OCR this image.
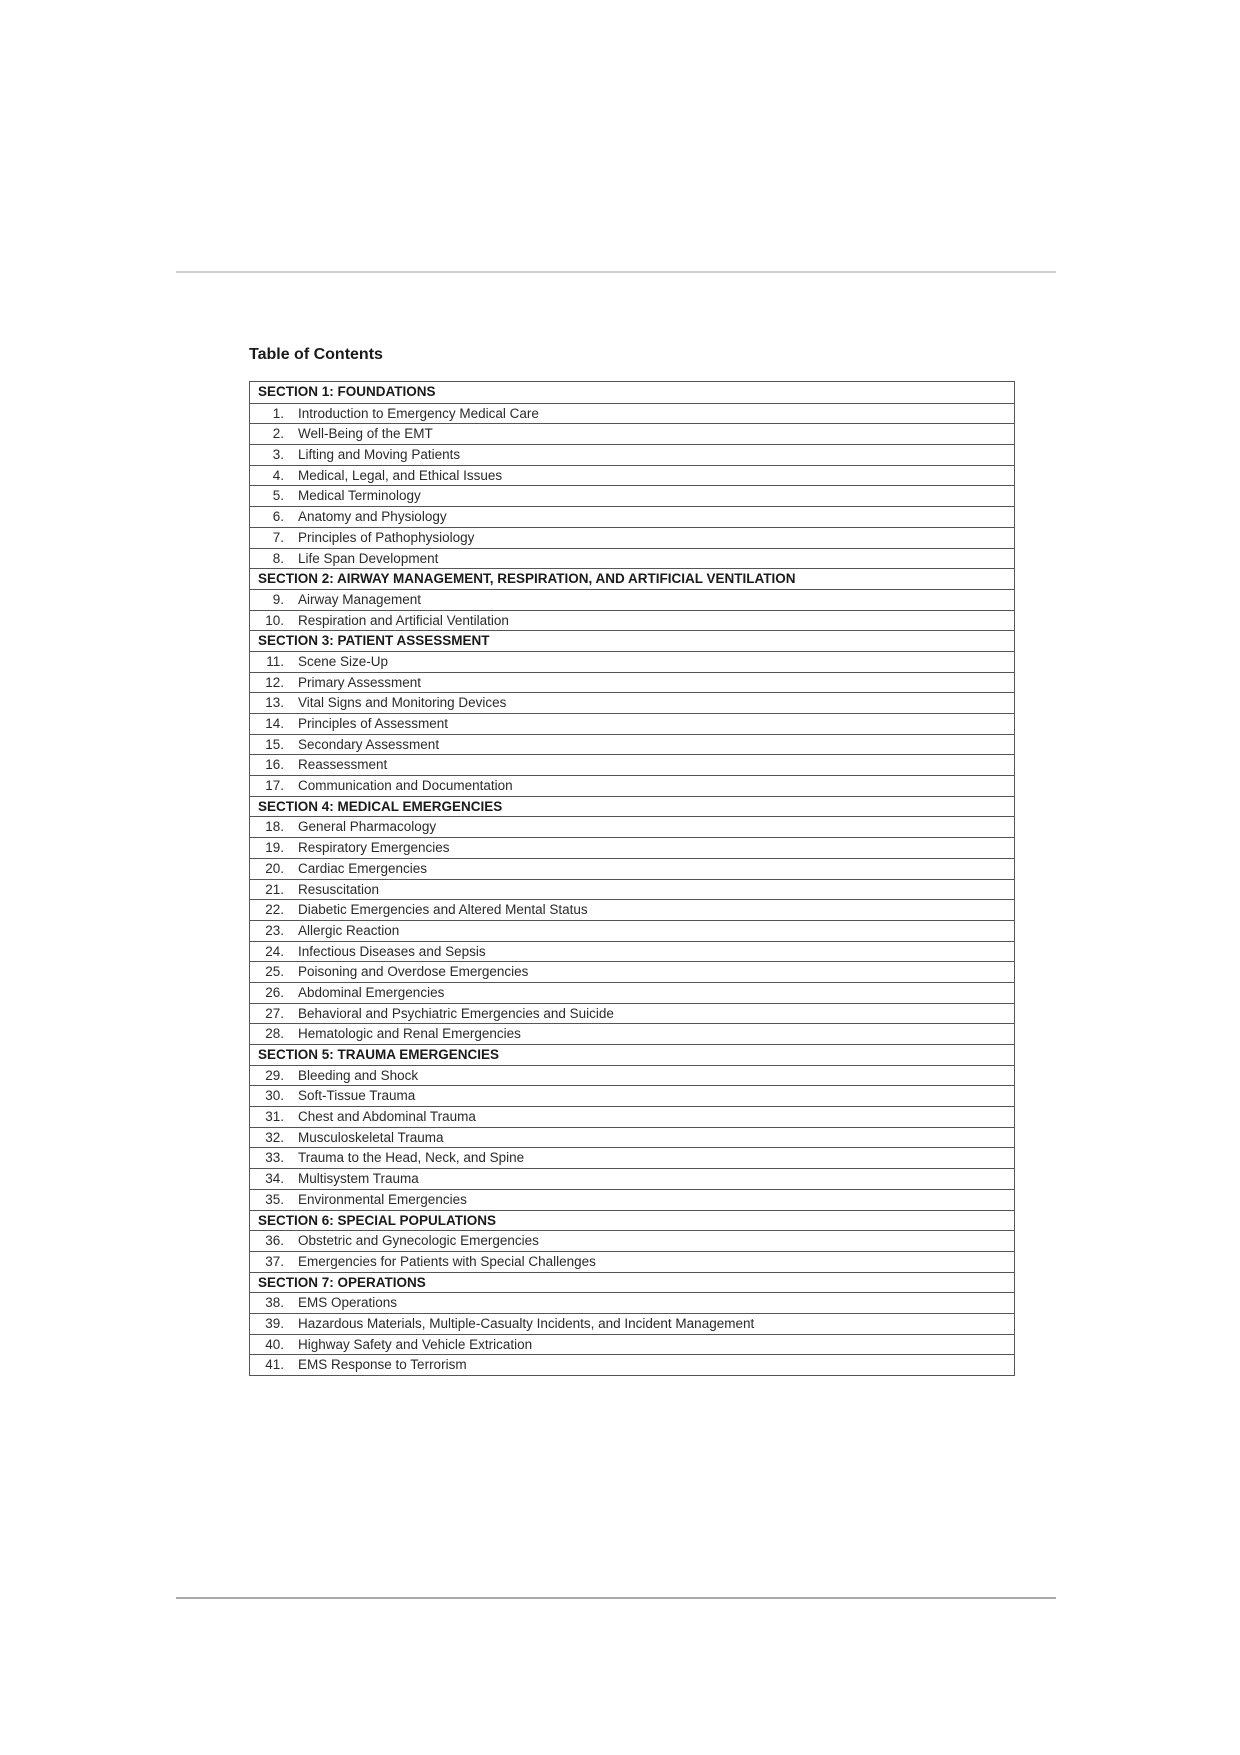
Table of Contents
SECTION 1: FOUNDATIONS
1.	Introduction to Emergency Medical Care
2.	Well-Being of the EMT
3.	Lifting and Moving Patients
4.	Medical, Legal, and Ethical Issues
5.	Medical Terminology
6.	Anatomy and Physiology
7.	Principles of Pathophysiology
8.	Life Span Development
SECTION 2: AIRWAY MANAGEMENT, RESPIRATION, AND ARTIFICIAL VENTILATION
9.	Airway Management
10.	Respiration and Artificial Ventilation
SECTION 3: PATIENT ASSESSMENT
11.	Scene Size-Up
12.	Primary Assessment
13.	Vital Signs and Monitoring Devices
14.	Principles of Assessment
15.	Secondary Assessment
16.	Reassessment
17.	Communication and Documentation
SECTION 4: MEDICAL EMERGENCIES
18.	General Pharmacology
19.	Respiratory Emergencies
20.	Cardiac Emergencies
21.	Resuscitation
22.	Diabetic Emergencies and Altered Mental Status
23.	Allergic Reaction
24.	Infectious Diseases and Sepsis
25.	Poisoning and Overdose Emergencies
26.	Abdominal Emergencies
27.	Behavioral and Psychiatric Emergencies and Suicide
28.	Hematologic and Renal Emergencies
SECTION 5: TRAUMA EMERGENCIES
29.	Bleeding and Shock
30.	Soft-Tissue Trauma
31.	Chest and Abdominal Trauma
32.	Musculoskeletal Trauma
33.	Trauma to the Head, Neck, and Spine
34.	Multisystem Trauma
35.	Environmental Emergencies
SECTION 6: SPECIAL POPULATIONS
36.	Obstetric and Gynecologic Emergencies
37.	Emergencies for Patients with Special Challenges
SECTION 7: OPERATIONS
38.	EMS Operations
39.	Hazardous Materials, Multiple-Casualty Incidents, and Incident Management
40.	Highway Safety and Vehicle Extrication
41.	EMS Response to Terrorism
